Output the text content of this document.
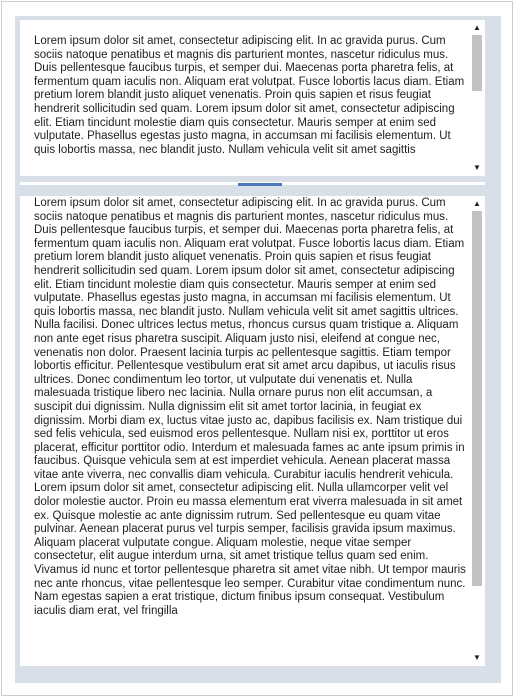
Lorem ipsum dolor sit amet, consectetur adipiscing elit. In ac gravida purus. Cum sociis natoque penatibus et magnis dis parturient montes, nascetur ridiculus mus. Duis pellentesque faucibus turpis, et semper dui. Maecenas porta pharetra felis, at fermentum quam iaculis non. Aliquam erat volutpat. Fusce lobortis lacus diam. Etiam pretium lorem blandit justo aliquet venenatis. Proin quis sapien et risus feugiat hendrerit sollicitudin sed quam. Lorem ipsum dolor sit amet, consectetur adipiscing elit. Etiam tincidunt molestie diam quis consectetur. Mauris semper at enim sed vulputate. Phasellus egestas justo magna, in accumsan mi facilisis elementum. Ut quis lobortis massa, nec blandit justo. Nullam vehicula velit sit amet sagittis
▲
▼
Lorem ipsum dolor sit amet, consectetur adipiscing elit. In ac gravida purus. Cum sociis natoque penatibus et magnis dis parturient montes, nascetur ridiculus mus. Duis pellentesque faucibus turpis, et semper dui. Maecenas porta pharetra felis, at fermentum quam iaculis non. Aliquam erat volutpat. Fusce lobortis lacus diam. Etiam pretium lorem blandit justo aliquet venenatis. Proin quis sapien et risus feugiat hendrerit sollicitudin sed quam. Lorem ipsum dolor sit amet, consectetur adipiscing elit. Etiam tincidunt molestie diam quis consectetur. Mauris semper at enim sed vulputate. Phasellus egestas justo magna, in accumsan mi facilisis elementum. Ut quis lobortis massa, nec blandit justo. Nullam vehicula velit sit amet sagittis ultrices. Nulla facilisi. Donec ultrices lectus metus, rhoncus cursus quam tristique a. Aliquam non ante eget risus pharetra suscipit. Aliquam justo nisi, eleifend at congue nec, venenatis non dolor. Praesent lacinia turpis ac pellentesque sagittis. Etiam tempor lobortis efficitur. Pellentesque vestibulum erat sit amet arcu dapibus, ut iaculis risus ultrices. Donec condimentum leo tortor, ut vulputate dui venenatis et. Nulla malesuada tristique libero nec lacinia. Nulla ornare purus non elit accumsan, a suscipit dui dignissim. Nulla dignissim elit sit amet tortor lacinia, in feugiat ex dignissim. Morbi diam ex, luctus vitae justo ac, dapibus facilisis ex. Nam tristique dui sed felis vehicula, sed euismod eros pellentesque. Nullam nisi ex, porttitor ut eros placerat, efficitur porttitor odio. Interdum et malesuada fames ac ante ipsum primis in faucibus. Quisque vehicula sem at est imperdiet vehicula. Aenean placerat massa vitae ante viverra, nec convallis diam vehicula. Curabitur iaculis hendrerit vehicula. Lorem ipsum dolor sit amet, consectetur adipiscing elit. Nulla ullamcorper velit vel dolor molestie auctor. Proin eu massa elementum erat viverra malesuada in sit amet ex. Quisque molestie ac ante dignissim rutrum. Sed pellentesque eu quam vitae pulvinar. Aenean placerat purus vel turpis semper, facilisis gravida ipsum maximus. Aliquam placerat vulputate congue. Aliquam molestie, neque vitae semper consectetur, elit augue interdum urna, sit amet tristique tellus quam sed enim. Vivamus id nunc et tortor pellentesque pharetra sit amet vitae nibh. Ut tempor mauris nec ante rhoncus, vitae pellentesque leo semper. Curabitur vitae condimentum nunc. Nam egestas sapien a erat tristique, dictum finibus ipsum consequat. Vestibulum iaculis diam erat, vel fringilla
▲
▼
